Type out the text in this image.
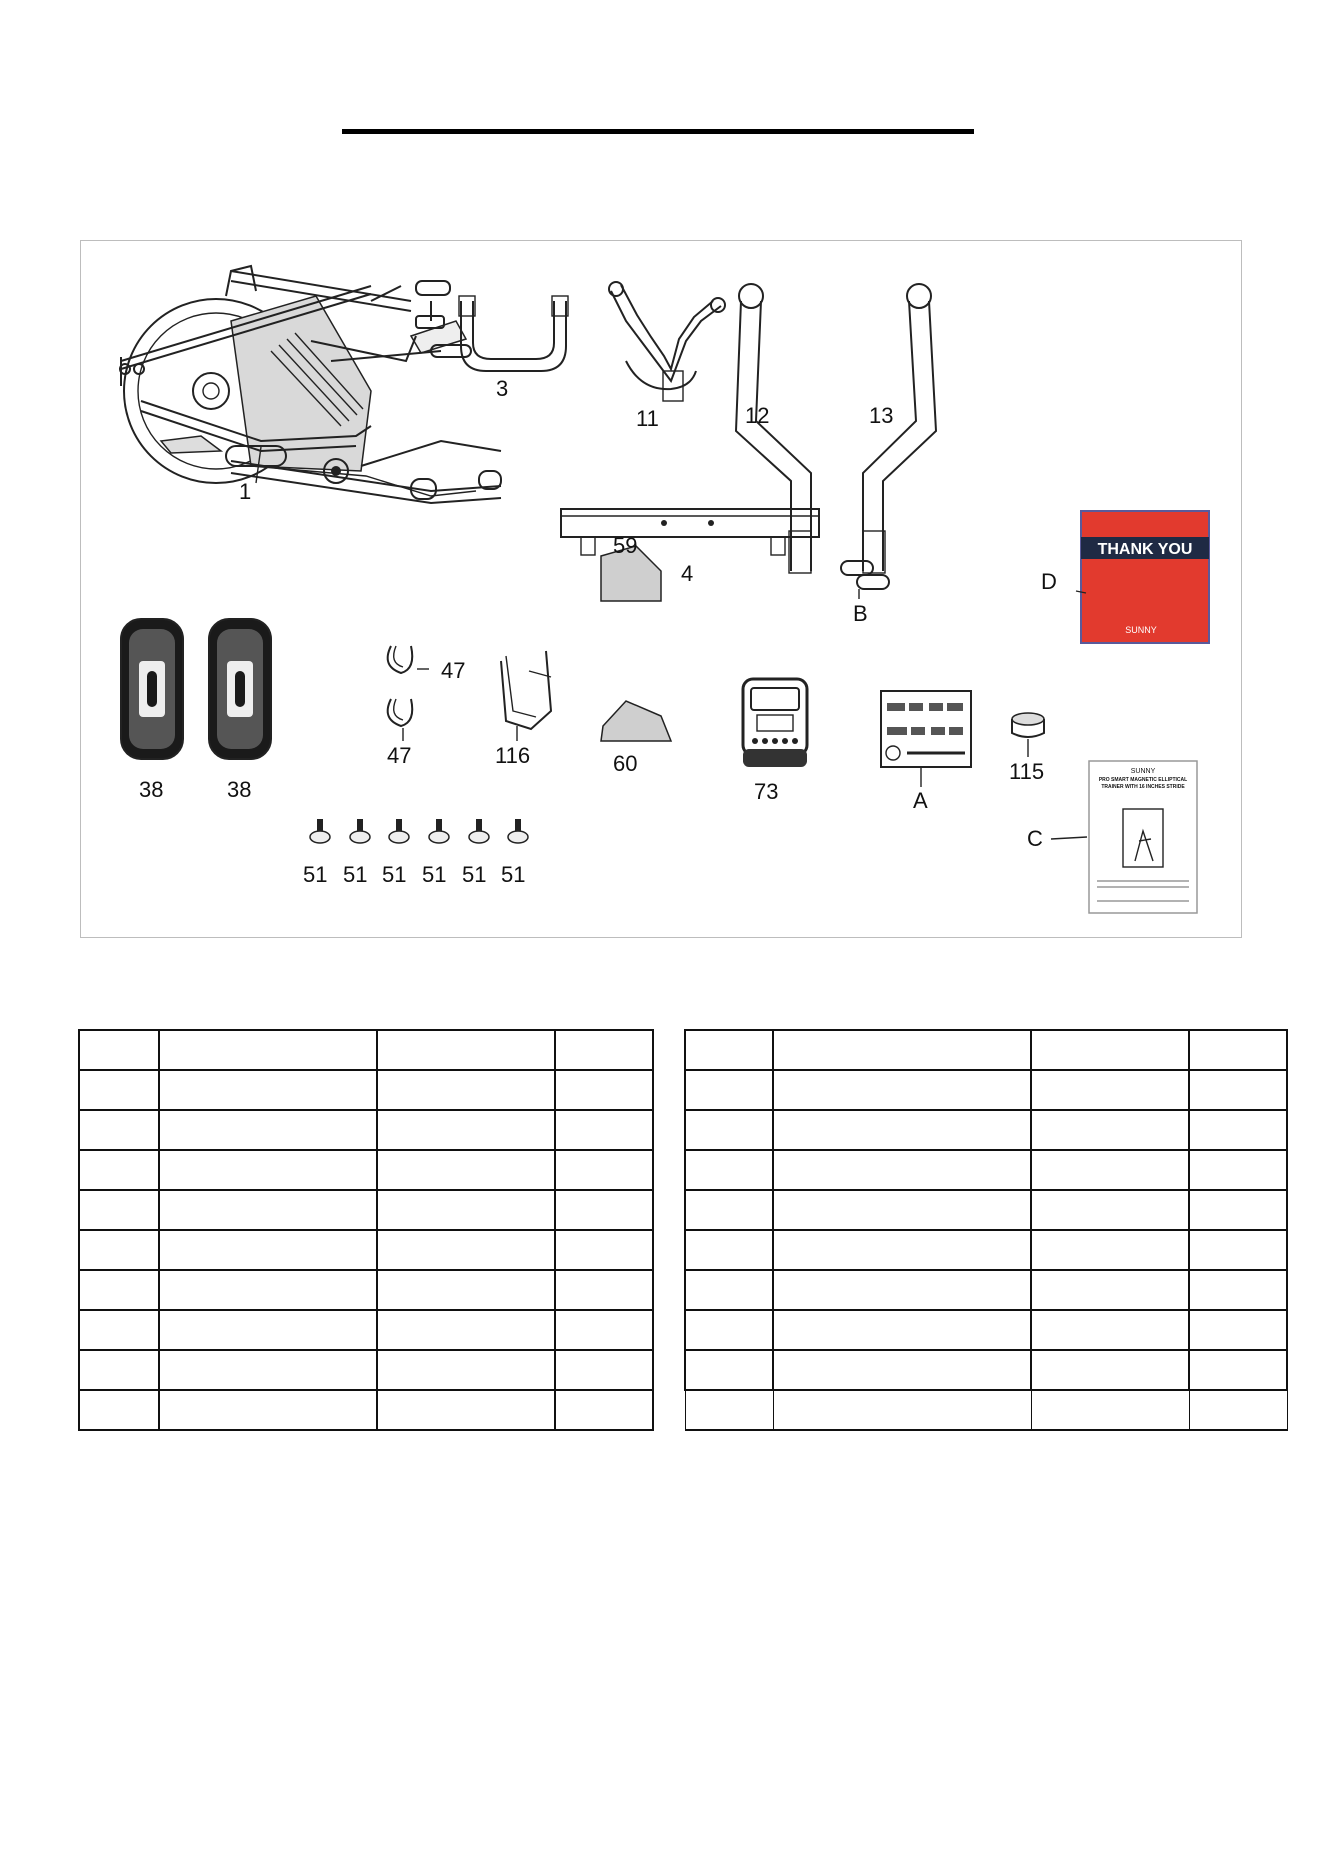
1
3
11	12	13
4
59
60
B
THANK YOU
SUNNY
D
38	38
47
47	116
73	A
115	SUNNY
PRO SMART MAGNETIC ELLIPTICAL TRAINER WITH 16 INCHES STRIDE
C
51 51 51 51 51 51
